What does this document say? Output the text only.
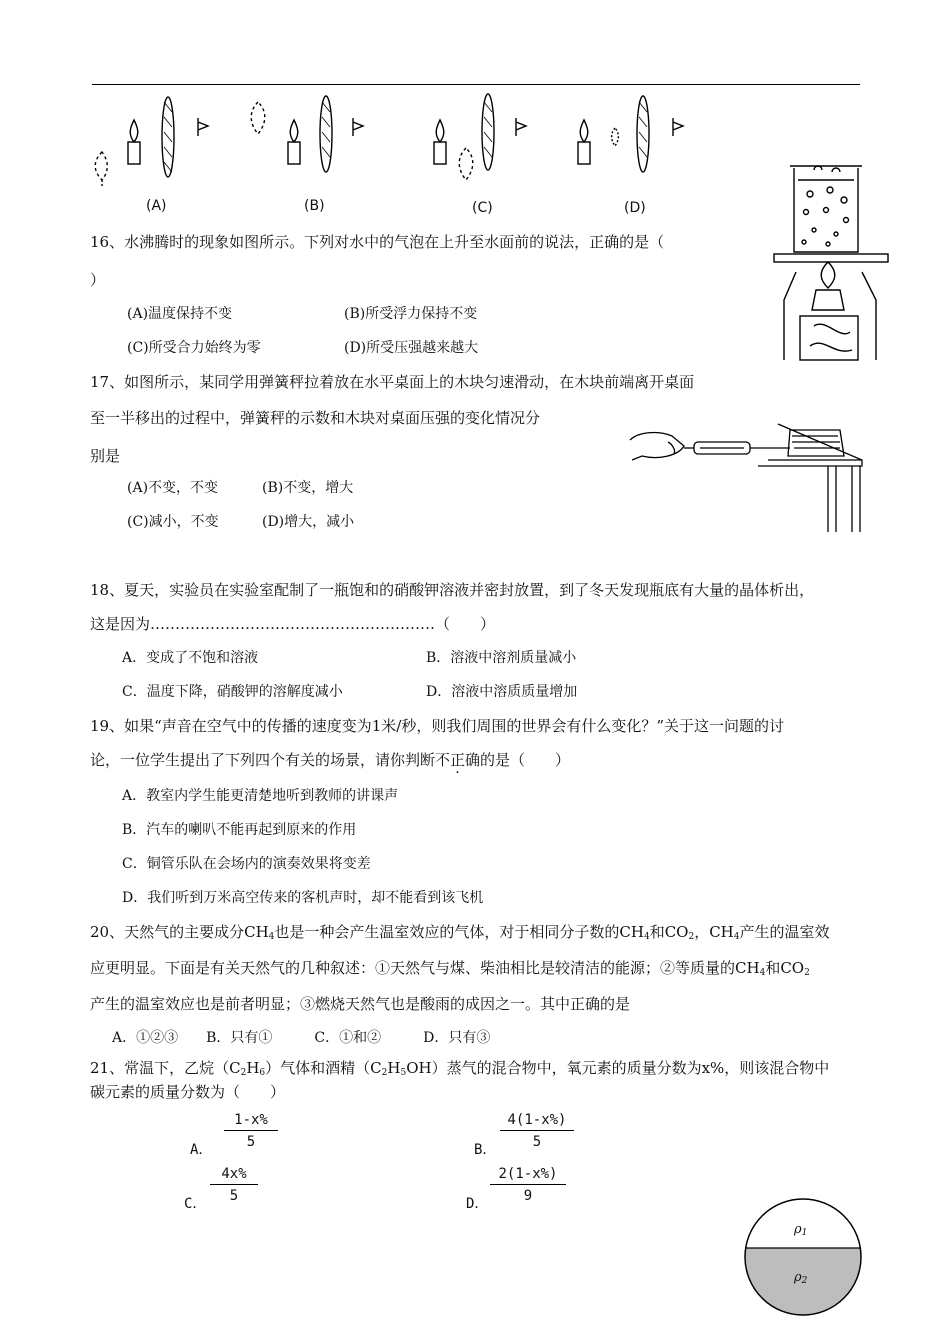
(A)	(B)	(C)	(D)
16、水沸腾时的现象如图所示。下列对水中的气泡在上升至水面前的说法，正确的是（
）
(A)温度保持不变	(B)所受浮力保持不变
(C)所受合力始终为零	(D)所受压强越来越大
17、如图所示，某同学用弹簧秤拉着放在水平桌面上的木块匀速滑动，在木块前端离开桌面
至一半移出的过程中，弹簧秤的示数和木块对桌面压强的变化情况分
别是
(A)不变，不变	(B)不变，增大
(C)减小，不变	(D)增大，减小
18、夏天，实验员在实验室配制了一瓶饱和的硝酸钾溶液并密封放置，到了冬天发现瓶底有大量的晶体析出，
这是因为…………………………………………………（　　）
A．变成了不饱和溶液	B．溶液中溶剂质量减小
C．温度下降，硝酸钾的溶解度减小	D．溶液中溶质质量增加
19、如果“声音在空气中的传播的速度变为1米/秒，则我们周围的世界会有什么变化？”关于这一问题的讨
论，一位学生提出了下列四个有关的场景，请你判断不正确的是（　　）
A．教室内学生能更清楚地听到教师的讲课声
B．汽车的喇叭不能再起到原来的作用
C．铜管乐队在会场内的演奏效果将变差
D．我们听到万米高空传来的客机声时，却不能看到该飞机
20、天然气的主要成分$CH_4$也是一种会产生温室效应的气体，对于相同分子数的$CH_4$和$CO_2$，$CH_4$产生的温室效
应更明显。下面是有关天然气的几种叙述：①天然气与煤、柴油相比是较清洁的能源；②等质量的$CH_4$和$CO_2$
产生的温室效应也是前者明显；③燃烧天然气也是酸雨的成因之一。其中正确的是
A．①②③　　B．只有①　　　C．①和②　　　D．只有③
21、常温下，乙烷$(C_2H_6)$气体和酒精$(C_2H_5OH)$蒸气的混合物中，氧元素的质量分数为x%，则该混合物中
碳元素的质量分数为（　　）
A． $\frac{1-x\%}{5}$	B． $\frac{4(1-x\%)}{5}$
C． $\frac{4x\%}{5}$	D． $\frac{2(1-x\%)}{9}$
$\rho_1$
$\rho_2$
